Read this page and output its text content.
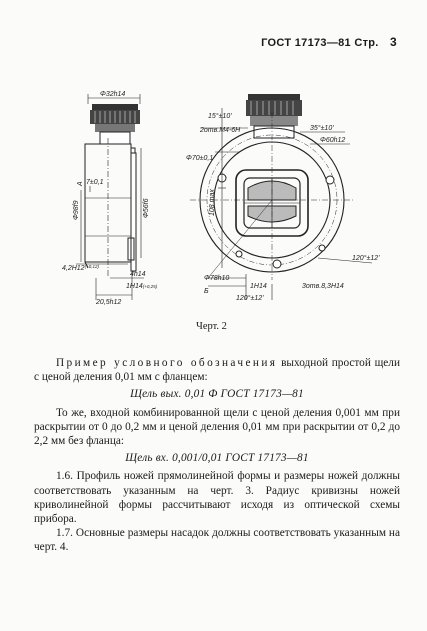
ГОСТ 17173—81 Стр. 3
Φ32h14
Φ98f9	Φ56f6
7±0,1
А
$4,2H12^{(+0,12)}$
4h14
1H14(+0,25)
20,5h12
15°±10'
2отв.М4-6Н	35°±10'
Φ60h12
Φ70±0,1
108 max
Φ78h10
Б
120°±12'
120°±12'
1H14	3отв.8,3H14
Черт. 2

Пример условного обозначения выходной простой щели с ценой деления 0,01 мм с фланцем:

Щель вых. 0,01 Ф ГОСТ 17173—81

То же, входной комбинированной щели с ценой деления 0,001 мм при раскрытии от 0 до 0,2 мм и ценой деления 0,01 мм при раскрытии от 0,2 до 2,2 мм без фланца:

Щель вх. 0,001/0,01 ГОСТ 17173—81

1.6. Профиль ножей прямолинейной формы и размеры ножей должны соответствовать указанным на черт. 3. Радиус кривизны ножей криволинейной формы рассчитывают исходя из оптической схемы прибора.

1.7. Основные размеры насадок должны соответствовать указанным на черт. 4.
